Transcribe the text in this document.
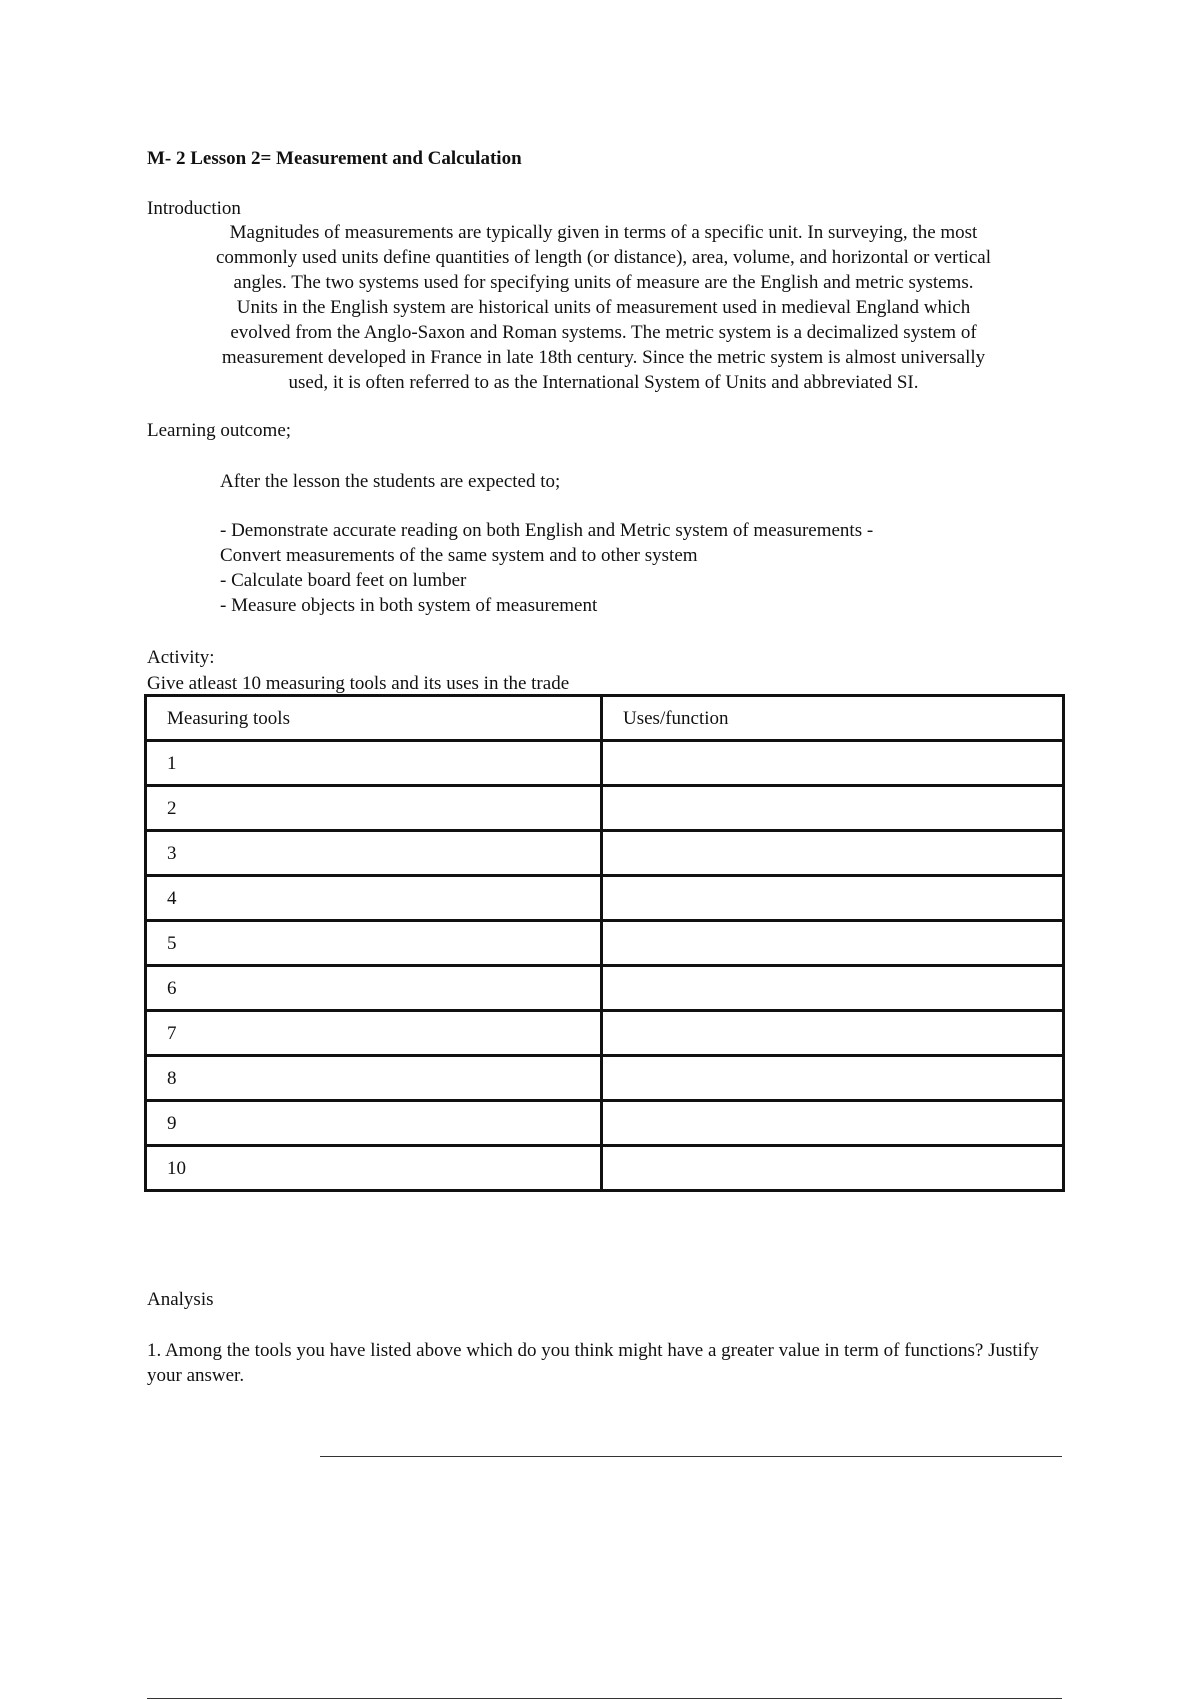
M- 2 Lesson 2= Measurement and Calculation
Introduction
Magnitudes of measurements are typically given in terms of a specific unit. In surveying, the most
commonly used units define quantities of length (or distance), area, volume, and horizontal or vertical
angles. The two systems used for specifying units of measure are the English and metric systems.
Units in the English system are historical units of measurement used in medieval England which
evolved from the Anglo-Saxon and Roman systems. The metric system is a decimalized system of
measurement developed in France in late 18th century. Since the metric system is almost universally
used, it is often referred to as the International System of Units and abbreviated SI.
Learning outcome;
After the lesson the students are expected to;
- Demonstrate accurate reading on both English and Metric system of measurements -
Convert measurements of the same system and to other system
- Calculate board feet on lumber
- Measure objects in both system of measurement
Activity:
Give atleast 10 measuring tools and its uses in the trade
Measuring tools	Uses/function
1	
2	
3	
4	
5	
6	
7	
8	
9	
10	
Analysis
1. Among the tools you have listed above which do you think might have a greater value in term of functions? Justify your answer.
